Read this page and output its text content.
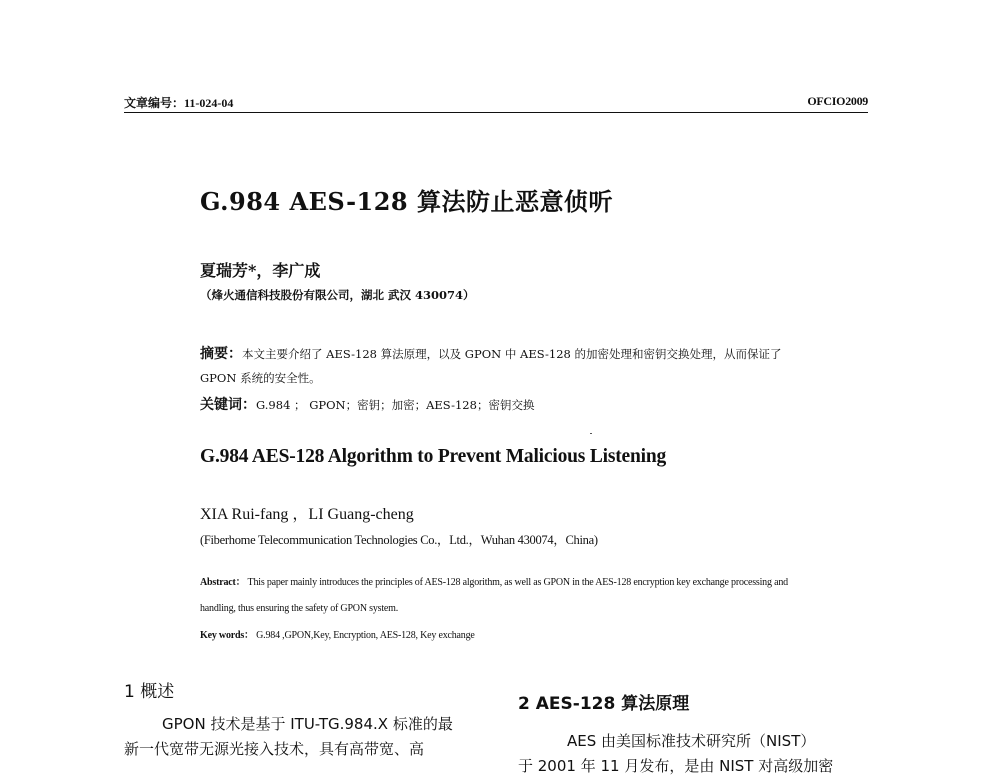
文章编号：11-024-04	OFCIO2009
G.984 AES-128 算法防止恶意侦听
夏瑞芳*，李广成
（烽火通信科技股份有限公司，湖北 武汉 430074）
摘要：本文主要介绍了 AES-128 算法原理，以及 GPON 中 AES-128 的加密处理和密钥交换处理，从而保证了 GPON 系统的安全性。
关键词：G.984 ； GPON；密钥；加密；AES-128；密钥交换
G.984 AES-128 Algorithm to Prevent Malicious Listening
XIA Rui-fang ，LI Guang-cheng
(Fiberhome Telecommunication Technologies Co.，Ltd.，Wuhan 430074，China)
Abstract： This paper mainly introduces the principles of AES-128 algorithm, as well as GPON in the AES-128 encryption key exchange processing and handling, thus ensuring the safety of GPON system.
Key words： G.984 ,GPON,Key, Encryption, AES-128, Key exchange
1 概述
GPON 技术是基于 ITU-TG.984.X 标准的最
新一代宽带无源光接入技术，具有高带宽、高
2 AES-128 算法原理
AES 由美国标准技术研究所（NIST）
于 2001 年 11 月发布，是由 NIST 对高级加密
